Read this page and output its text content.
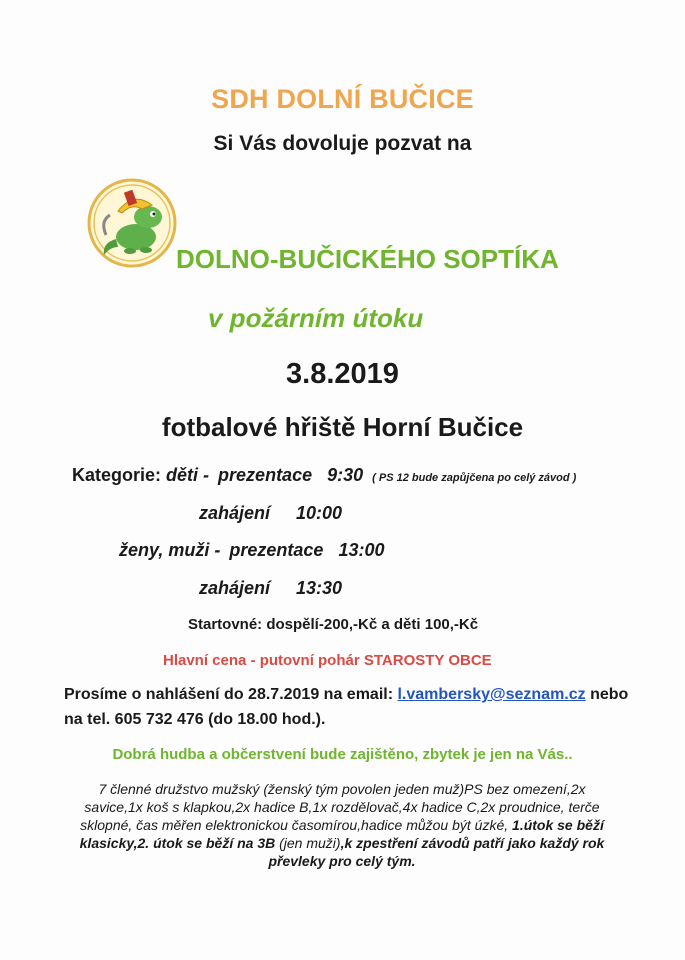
SDH DOLNÍ BUČICE
Si Vás dovoluje pozvat na
DOLNO-BUČICKÉHO SOPTÍKA
v požárním útoku
3.8.2019
fotbalové hřiště Horní Bučice
Kategorie: děti - prezentace 9:30 ( PS 12 bude zapůjčena po celý závod )
zahájení 10:00
ženy, muži - prezentace 13:00
zahájení 13:30
Startovné: dospělí-200,-Kč a děti 100,-Kč
Hlavní cena - putovní pohár STAROSTY OBCE
Prosíme o nahlášení do 28.7.2019 na email: l.vambersky@seznam.cz nebo
na tel. 605 732 476 (do 18.00 hod.).
Dobrá hudba a občerstvení bude zajištěno, zbytek je jen na Vás..
7 členné družstvo mužský (ženský tým povolen jeden muž)PS bez omezení,2x savice,1x koš s klapkou,2x hadice B,1x rozdělovač,4x hadice C,2x proudnice, terče sklopné, čas měřen elektronickou časomírou,hadice můžou být úzké, 1.útok se běží klasicky,2. útok se běží na 3B (jen muži),k zpestření závodů patří jako každý rok převleky pro celý tým.
